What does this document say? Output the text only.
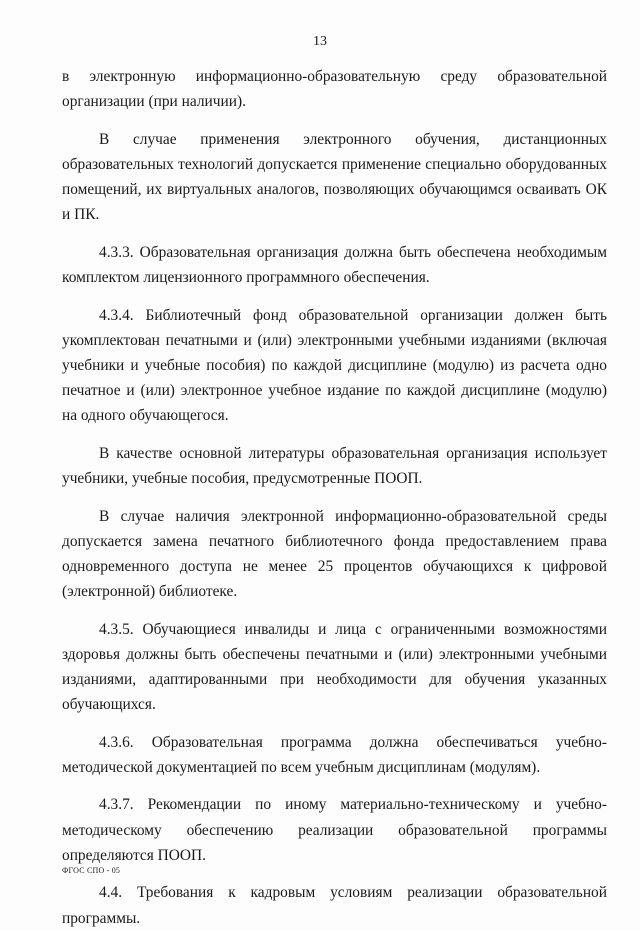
13

в электронную информационно-образовательную среду образовательной организации (при наличии).

В случае применения электронного обучения, дистанционных образовательных технологий допускается применение специально оборудованных помещений, их виртуальных аналогов, позволяющих обучающимся осваивать ОК и ПК.

4.3.3. Образовательная организация должна быть обеспечена необходимым комплектом лицензионного программного обеспечения.

4.3.4. Библиотечный фонд образовательной организации должен быть укомплектован печатными и (или) электронными учебными изданиями (включая учебники и учебные пособия) по каждой дисциплине (модулю) из расчета одно печатное и (или) электронное учебное издание по каждой дисциплине (модулю) на одного обучающегося.

В качестве основной литературы образовательная организация использует учебники, учебные пособия, предусмотренные ПООП.

В случае наличия электронной информационно-образовательной среды допускается замена печатного библиотечного фонда предоставлением права одновременного доступа не менее 25 процентов обучающихся к цифровой (электронной) библиотеке.

4.3.5. Обучающиеся инвалиды и лица с ограниченными возможностями здоровья должны быть обеспечены печатными и (или) электронными учебными изданиями, адаптированными при необходимости для обучения указанных обучающихся.

4.3.6. Образовательная программа должна обеспечиваться учебно-методической документацией по всем учебным дисциплинам (модулям).

4.3.7. Рекомендации по иному материально-техническому и учебно-методическому обеспечению реализации образовательной программы определяются ПООП.

4.4. Требования к кадровым условиям реализации образовательной программы.

ФГОС СПО - 05
